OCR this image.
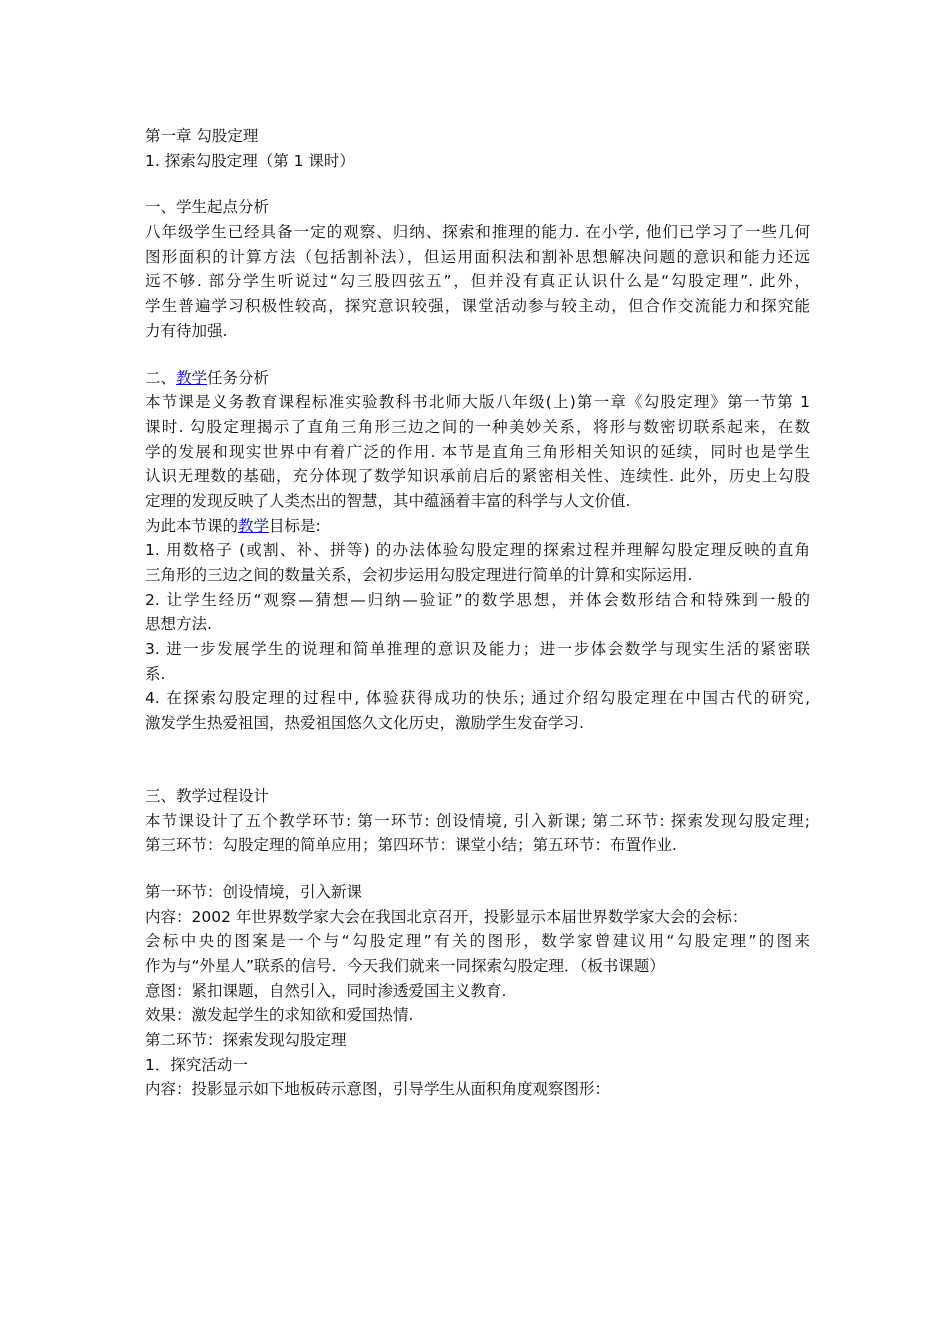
第一章 勾股定理
1. 探索勾股定理（第 1 课时）
一、学生起点分析
八年级学生已经具备一定的观察、归纳、探索和推理的能力. 在小学, 他们已学习了一些几何
图形面积的计算方法（包括割补法），但运用面积法和割补思想解决问题的意识和能力还远
远不够. 部分学生听说过“勾三股四弦五”，但并没有真正认识什么是“勾股定理”. 此外，
学生普遍学习积极性较高，探究意识较强，课堂活动参与较主动，但合作交流能力和探究能
力有待加强.
二、教学任务分析
本节课是义务教育课程标准实验教科书北师大版八年级(上)第一章《勾股定理》第一节第 1
课时. 勾股定理揭示了直角三角形三边之间的一种美妙关系，将形与数密切联系起来，在数
学的发展和现实世界中有着广泛的作用. 本节是直角三角形相关知识的延续，同时也是学生
认识无理数的基础，充分体现了数学知识承前启后的紧密相关性、连续性. 此外，历史上勾股
定理的发现反映了人类杰出的智慧，其中蕴涵着丰富的科学与人文价值.
为此本节课的教学目标是:
1. 用数格子 (或割、补、拼等) 的办法体验勾股定理的探索过程并理解勾股定理反映的直角
三角形的三边之间的数量关系，会初步运用勾股定理进行简单的计算和实际运用.
2. 让学生经历“观察—猜想—归纳—验证”的数学思想，并体会数形结合和特殊到一般的
思想方法.
3. 进一步发展学生的说理和简单推理的意识及能力；进一步体会数学与现实生活的紧密联
系.
4. 在探索勾股定理的过程中, 体验获得成功的快乐; 通过介绍勾股定理在中国古代的研究,
激发学生热爱祖国，热爱祖国悠久文化历史，激励学生发奋学习.
三、教学过程设计
本节课设计了五个教学环节: 第一环节: 创设情境, 引入新课; 第二环节: 探索发现勾股定理;
第三环节：勾股定理的简单应用；第四环节：课堂小结；第五环节：布置作业.
第一环节：创设情境，引入新课
内容：2002 年世界数学家大会在我国北京召开，投影显示本届世界数学家大会的会标：
会标中央的图案是一个与“勾股定理”有关的图形，数学家曾建议用“勾股定理”的图来
作为与“外星人”联系的信号．今天我们就来一同探索勾股定理．（板书课题）
意图：紧扣课题，自然引入，同时渗透爱国主义教育.
效果：激发起学生的求知欲和爱国热情.
第二环节：探索发现勾股定理
1．探究活动一
内容：投影显示如下地板砖示意图，引导学生从面积角度观察图形：
